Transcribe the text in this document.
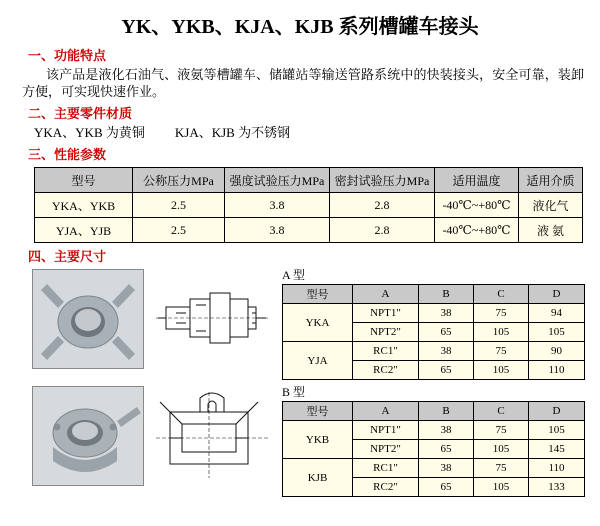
YK、YKB、KJA、KJB 系列槽罐车接头
一、功能特点
该产品是液化石油气、液氨等槽罐车、储罐站等输送管路系统中的快装接头，安全可靠，装卸方便，可实现快速作业。
二、主要零件材质
YKA、YKB 为黄铜 KJA、KJB 为不锈钢
三、性能参数
型号	公称压力MPa	强度试验压力MPa	密封试验压力MPa	适用温度	适用介质
YKA、YKB	2.5	3.8	2.8	-40℃~+80℃	液化气
YJA、YJB	2.5	3.8	2.8	-40℃~+80℃	液 氨
四、主要尺寸
A 型
型号	A	B	C	D
YKA	NPT1"	38	75	94
	NPT2"	65	105	105
YJA	RC1"	38	75	90
	RC2"	65	105	110
B 型
型号	A	B	C	D
YKB	NPT1"	38	75	105
	NPT2"	65	105	145
KJB	RC1"	38	75	110
	RC2"	65	105	133
